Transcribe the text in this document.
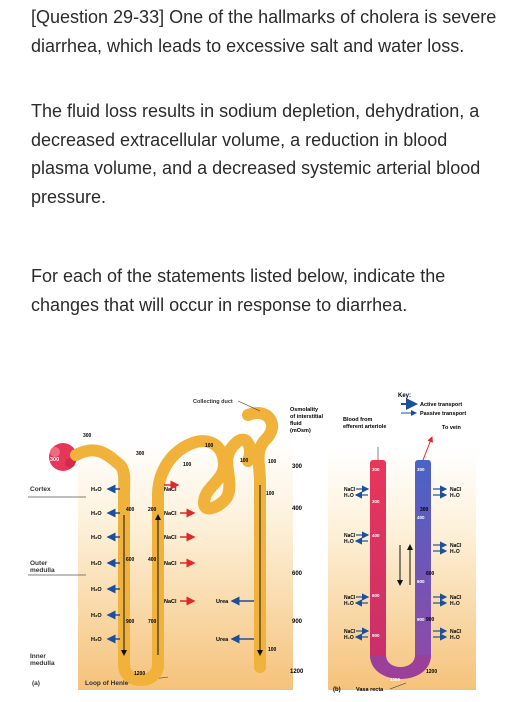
[Question 29-33] One of the hallmarks of cholera is severe diarrhea, which leads to excessive salt and water loss.
The fluid loss results in sodium depletion, dehydration, a decreased extracellular volume, a reduction in blood plasma volume, and a decreased systemic arterial blood pressure.
For each of the statements listed below, indicate the changes that will occur in response to diarrhea.
Cortex
Outer
medulla
Inner
medulla
(a)	Loop of Henle
300
Collecting duct
300
300
100
100
100
400	200
600	400
900	700
1200
H₂O
H₂O
H₂O
H₂O
H₂O
H₂O
H₂O
NaCl
NaCl
NaCl
NaCl
NaCl	Urea
Urea
100
100
100
Osmolality
of interstitial
fluid
(mOsm)
300
400
600
900
1200
Key:
Active transport
Passive transport
Blood from
efferent arteriole	To vein
300	300
300
400
400
600
600
900
900
1200
NaCl
H₂O
NaCl
H₂O
NaCl
H₂O
NaCl
H₂O
NaCl
H₂O
NaCl
H₂O
NaCl
H₂O
NaCl
H₂O
300
600
900
1200
(b)	Vasa recta
